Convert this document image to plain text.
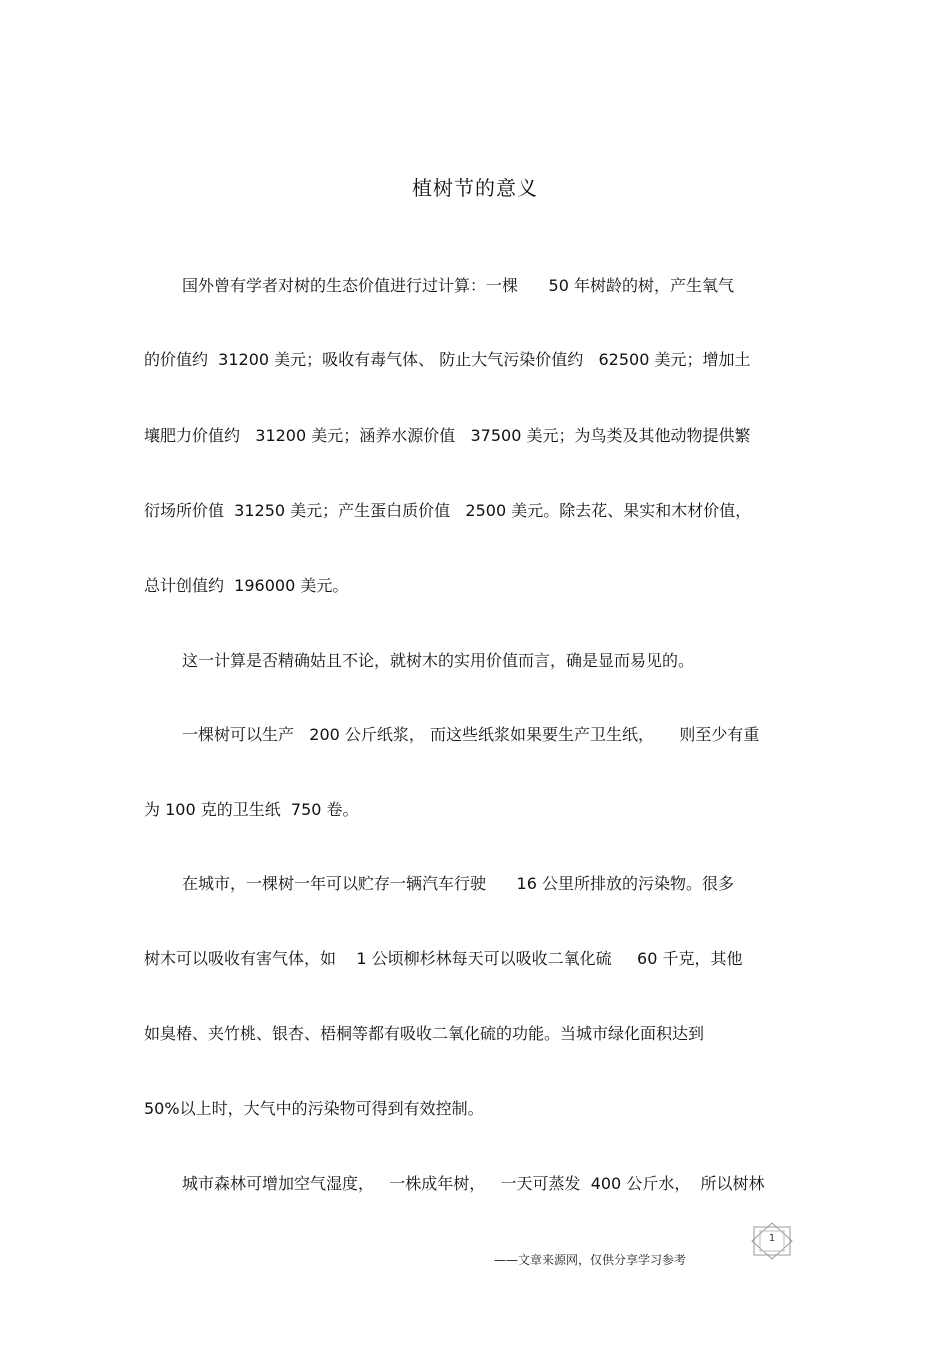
植树节的意义
国外曾有学者对树的生态价值进行过计算：一棵      50 年树龄的树，产生氧气
的价值约  31200 美元；吸收有毒气体、 防止大气污染价值约   62500 美元；增加土
壤肥力价值约   31200 美元；涵养水源价值   37500 美元；为鸟类及其他动物提供繁
衍场所价值  31250 美元；产生蛋白质价值   2500 美元。除去花、果实和木材价值，
总计创值约  196000 美元。
这一计算是否精确姑且不论，就树木的实用价值而言，确是显而易见的。
一棵树可以生产   200 公斤纸浆， 而这些纸浆如果要生产卫生纸，     则至少有重
为 100 克的卫生纸  750 卷。
在城市，一棵树一年可以贮存一辆汽车行驶      16 公里所排放的污染物。很多
树木可以吸收有害气体，如    1 公顷柳杉林每天可以吸收二氧化硫     60 千克，其他
如臭椿、夹竹桃、银杏、梧桐等都有吸收二氧化硫的功能。当城市绿化面积达到
50%以上时，大气中的污染物可得到有效控制。
城市森林可增加空气湿度，   一株成年树，   一天可蒸发  400 公斤水，  所以树林
——文章来源网，仅供分享学习参考
1
